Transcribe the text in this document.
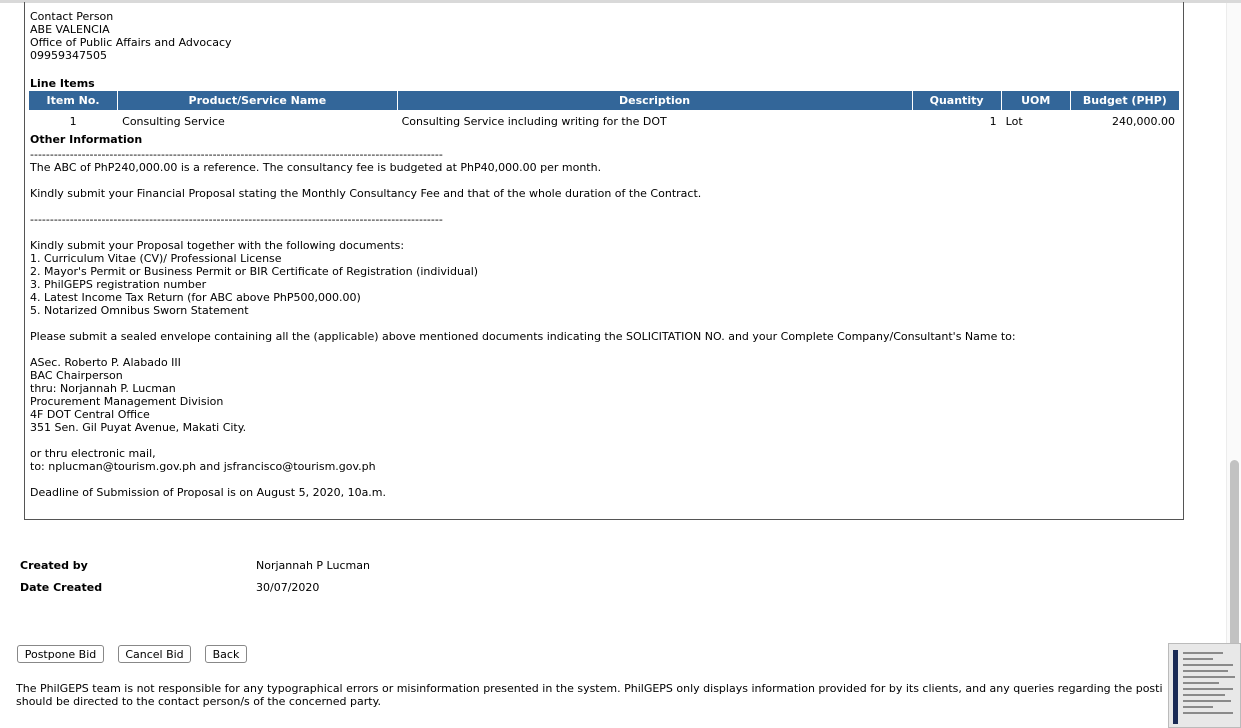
Contact Person
ABE VALENCIA
Office of Public Affairs and Advocacy
09959347505
Line Items
Item No.	Product/Service Name	Description	Quantity	UOM	Budget (PHP)
1	Consulting Service	Consulting Service including writing for the DOT	1	Lot	240,000.00
Other Information
--------------------------------------------------------------------------------------------------------
The ABC of PhP240,000.00 is a reference. The consultancy fee is budgeted at PhP40,000.00 per month.
Kindly submit your Financial Proposal stating the Monthly Consultancy Fee and that of the whole duration of the Contract.
--------------------------------------------------------------------------------------------------------
Kindly submit your Proposal together with the following documents:
1. Curriculum Vitae (CV)/ Professional License
2. Mayor's Permit or Business Permit or BIR Certificate of Registration (individual)
3. PhilGEPS registration number
4. Latest Income Tax Return (for ABC above PhP500,000.00)
5. Notarized Omnibus Sworn Statement
Please submit a sealed envelope containing all the (applicable) above mentioned documents indicating the SOLICITATION NO. and your Complete Company/Consultant's Name to:
ASec. Roberto P. Alabado III
BAC Chairperson
thru: Norjannah P. Lucman
Procurement Management Division
4F DOT Central Office
351 Sen. Gil Puyat Avenue, Makati City.
or thru electronic mail,
to: nplucman@tourism.gov.ph and jsfrancisco@tourism.gov.ph
Deadline of Submission of Proposal is on August 5, 2020, 10a.m.
Created by	Norjannah P Lucman
Date Created	30/07/2020
Postpone Bid	Cancel Bid	Back
The PhilGEPS team is not responsible for any typographical errors or misinformation presented in the system. PhilGEPS only displays information provided for by its clients, and any queries regarding the posti
should be directed to the contact person/s of the concerned party.
